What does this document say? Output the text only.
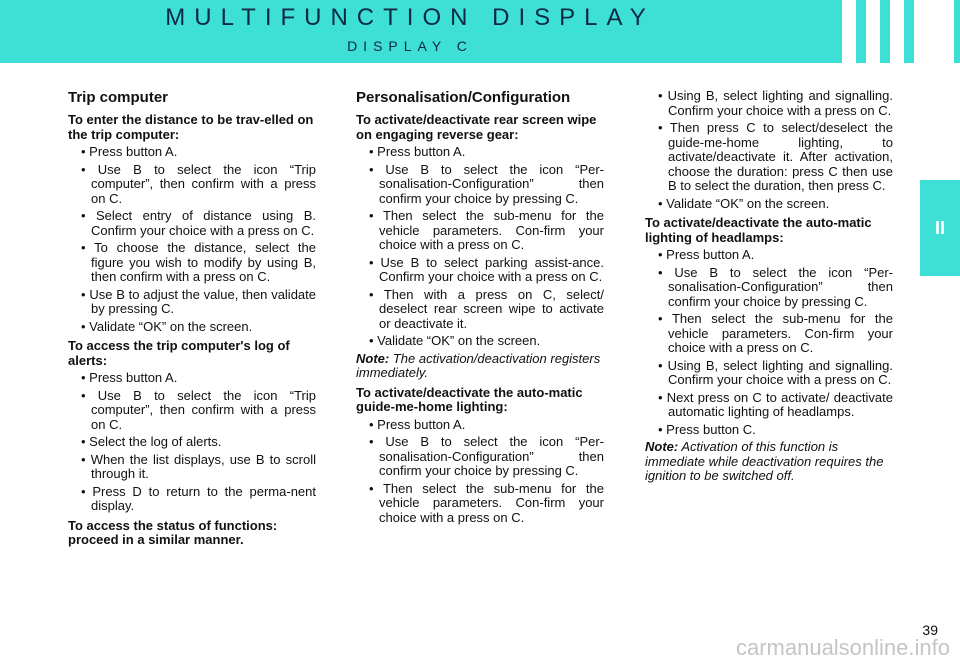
MULTIFUNCTION DISPLAY
DISPLAY C
II
Trip computer
To enter the distance to be trav-elled on the trip computer:
• Press button A.
• Use B to select the icon “Trip computer”, then confirm with a press on C.
• Select entry of distance using B. Confirm your choice with a press on C.
• To choose the distance, select the figure you wish to modify by using B, then confirm with a press on C.
• Use B to adjust the value, then validate by pressing C.
• Validate “OK” on the screen.
To access the trip computer's log of alerts:
• Press button A.
• Use B to select the icon “Trip computer”, then confirm with a press on C.
• Select the log of alerts.
• When the list displays, use B to scroll through it.
• Press D to return to the perma-nent display.
To access the status of functions: proceed in a similar manner.
Personalisation/Configuration
To activate/deactivate rear screen wipe on engaging reverse gear:
• Press button A.
• Use B to select the icon “Per-sonalisation-Configuration” then confirm your choice by pressing C.
• Then select the sub-menu for the vehicle parameters. Con-firm your choice with a press on C.
• Use B to select parking assist-ance. Confirm your choice with a press on C.
• Then with a press on C, select/ deselect rear screen wipe to activate or deactivate it.
• Validate “OK” on the screen.
Note: The activation/deactivation registers immediately.
To activate/deactivate the auto-matic guide-me-home lighting:
• Press button A.
• Use B to select the icon “Per-sonalisation-Configuration” then confirm your choice by pressing C.
• Then select the sub-menu for the vehicle parameters. Con-firm your choice with a press on C.
• Using B, select lighting and signalling. Confirm your choice with a press on C.
• Then press C to select/deselect the guide-me-home lighting, to activate/deactivate it. After activation, choose the duration: press C then use B to select the duration, then press C.
• Validate “OK” on the screen.
To activate/deactivate the auto-matic lighting of headlamps:
• Press button A.
• Use B to select the icon “Per-sonalisation-Configuration” then confirm your choice by pressing C.
• Then select the sub-menu for the vehicle parameters. Con-firm your choice with a press on C.
• Using B, select lighting and signalling. Confirm your choice with a press on C.
• Next press on C to activate/ deactivate automatic lighting of headlamps.
• Press button C.
Note: Activation of this function is immediate while deactivation requires the ignition to be switched off.
39
carmanualsonline.info
